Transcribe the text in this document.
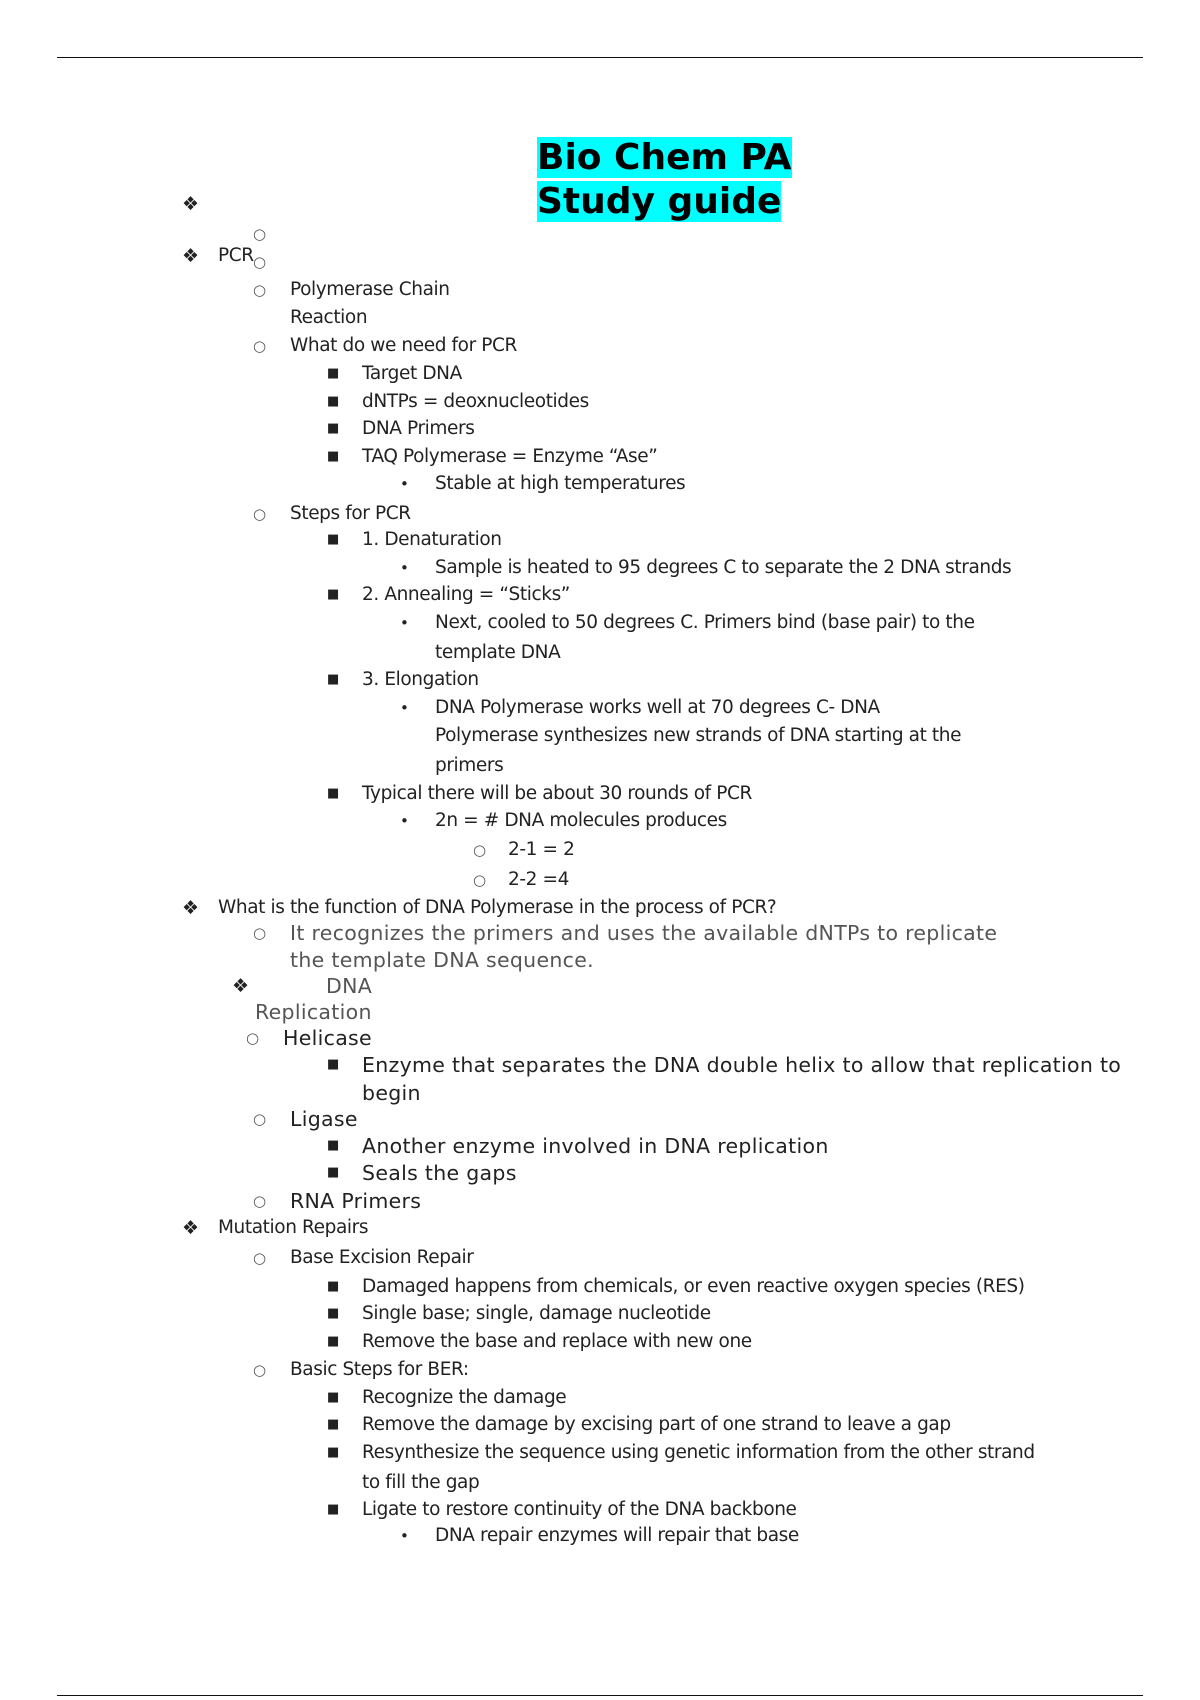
Bio Chem PA
Study guide
❖
○
❖ PCR ○
○ Polymerase Chain
Reaction
○ What do we need for PCR
■ Target DNA
■ dNTPs = deoxnucleotides
■ DNA Primers
■ TAQ Polymerase = Enzyme “Ase”
• Stable at high temperatures
○ Steps for PCR
■ 1. Denaturation
• Sample is heated to 95 degrees C to separate the 2 DNA strands
■ 2. Annealing = “Sticks”
• Next, cooled to 50 degrees C. Primers bind (base pair) to the
template DNA
■ 3. Elongation
• DNA Polymerase works well at 70 degrees C- DNA
Polymerase synthesizes new strands of DNA starting at the
primers
■ Typical there will be about 30 rounds of PCR
• 2n = # DNA molecules produces
○ 2-1 = 2
○ 2-2 =4
❖ What is the function of DNA Polymerase in the process of PCR?
○ It recognizes the primers and uses the available dNTPs to replicate
the template DNA sequence.
❖	DNA
Replication
○ Helicase
■ Enzyme that separates the DNA double helix to allow that replication to
begin
○ Ligase
■ Another enzyme involved in DNA replication
■ Seals the gaps
○ RNA Primers
❖ Mutation Repairs
○ Base Excision Repair
■ Damaged happens from chemicals, or even reactive oxygen species (RES)
■ Single base; single, damage nucleotide
■ Remove the base and replace with new one
○ Basic Steps for BER:
■ Recognize the damage
■ Remove the damage by excising part of one strand to leave a gap
■ Resynthesize the sequence using genetic information from the other strand
to fill the gap
■ Ligate to restore continuity of the DNA backbone
• DNA repair enzymes will repair that base
